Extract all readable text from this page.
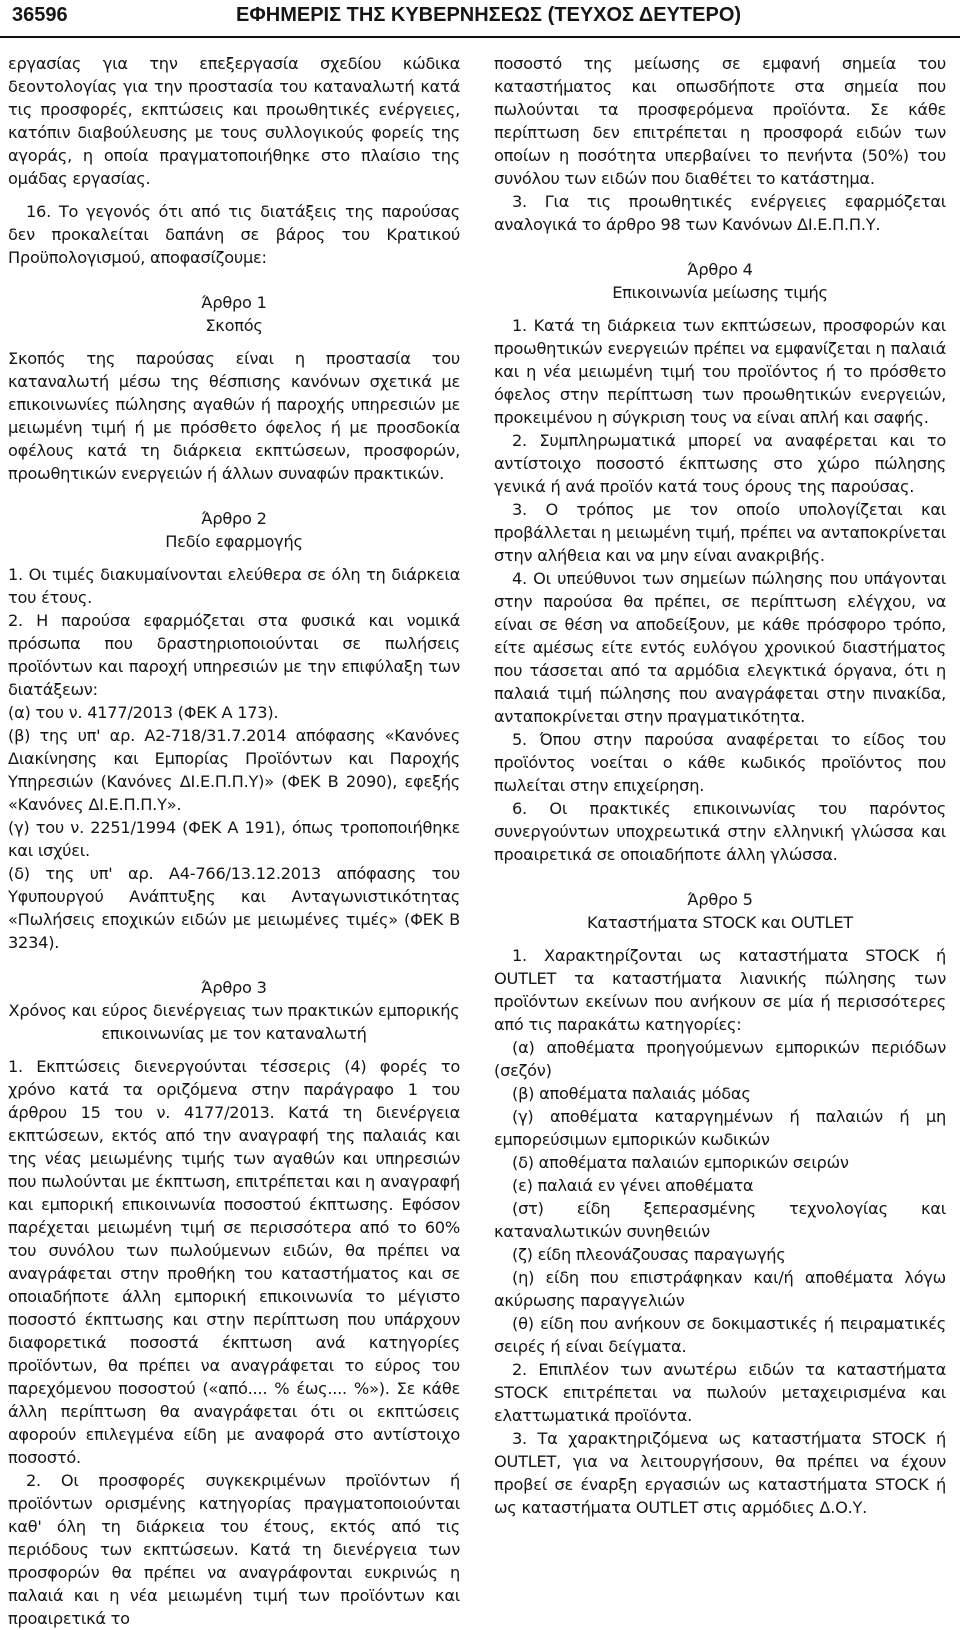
36596	ΕΦΗΜΕΡΙΣ ΤΗΣ ΚΥΒΕΡΝΗΣΕΩΣ (ΤΕΥΧΟΣ ΔΕΥΤΕΡΟ)

εργασίας για την επεξεργασία σχεδίου κώδικα δεοντολογίας για την προστασία του καταναλωτή κατά τις προσφορές, εκπτώσεις και προωθητικές ενέργειες, κατόπιν διαβούλευσης με τους συλλογικούς φορείς της αγοράς, η οποία πραγματοποιήθηκε στο πλαίσιο της ομάδας εργασίας.

16. Το γεγονός ότι από τις διατάξεις της παρούσας δεν προκαλείται δαπάνη σε βάρος του Κρατικού Προϋπολογισμού, αποφασίζουμε:

Άρθρο 1
Σκοπός

Σκοπός της παρούσας είναι η προστασία του καταναλωτή μέσω της θέσπισης κανόνων σχετικά με επικοινωνίες πώλησης αγαθών ή παροχής υπηρεσιών με μειωμένη τιμή ή με πρόσθετο όφελος ή με προσδοκία οφέλους κατά τη διάρκεια εκπτώσεων, προσφορών, προωθητικών ενεργειών ή άλλων συναφών πρακτικών.

Άρθρο 2
Πεδίο εφαρμογής

1. Οι τιμές διακυμαίνονται ελεύθερα σε όλη τη διάρκεια του έτους.

2. Η παρούσα εφαρμόζεται στα φυσικά και νομικά πρόσωπα που δραστηριοποιούνται σε πωλήσεις προϊόντων και παροχή υπηρεσιών με την επιφύλαξη των διατάξεων:

(α) του ν. 4177/2013 (ΦΕΚ Α 173).

(β) της υπ' αρ. Α2-718/31.7.2014 απόφασης «Κανόνες Διακίνησης και Εμπορίας Προϊόντων και Παροχής Υπηρεσιών (Κανόνες ΔΙ.Ε.Π.Π.Υ)» (ΦΕΚ Β 2090), εφεξής «Κανόνες ΔΙ.Ε.Π.Π.Υ».

(γ) του ν. 2251/1994 (ΦΕΚ Α 191), όπως τροποποιήθηκε και ισχύει.

(δ) της υπ' αρ. Α4-766/13.12.2013 απόφασης του Υφυπουργού Ανάπτυξης και Ανταγωνιστικότητας «Πωλήσεις εποχικών ειδών με μειωμένες τιμές» (ΦΕΚ Β 3234).

Άρθρο 3
Χρόνος και εύρος διενέργειας των πρακτικών εμπορικής επικοινωνίας με τον καταναλωτή

1. Εκπτώσεις διενεργούνται τέσσερις (4) φορές το χρόνο κατά τα οριζόμενα στην παράγραφο 1 του άρθρου 15 του ν. 4177/2013. Κατά τη διενέργεια εκπτώσεων, εκτός από την αναγραφή της παλαιάς και της νέας μειωμένης τιμής των αγαθών και υπηρεσιών που πωλούνται με έκπτωση, επιτρέπεται και η αναγραφή και εμπορική επικοινωνία ποσοστού έκπτωσης. Εφόσον παρέχεται μειωμένη τιμή σε περισσότερα από το 60% του συνόλου των πωλούμενων ειδών, θα πρέπει να αναγράφεται στην προθήκη του καταστήματος και σε οποιαδήποτε άλλη εμπορική επικοινωνία το μέγιστο ποσοστό έκπτωσης και στην περίπτωση που υπάρχουν διαφορετικά ποσοστά έκπτωση ανά κατηγορίες προϊόντων, θα πρέπει να αναγράφεται το εύρος του παρεχόμενου ποσοστού («από.... % έως.... %»). Σε κάθε άλλη περίπτωση θα αναγράφεται ότι οι εκπτώσεις αφορούν επιλεγμένα είδη με αναφορά στο αντίστοιχο ποσοστό.

2. Οι προσφορές συγκεκριμένων προϊόντων ή προϊόντων ορισμένης κατηγορίας πραγματοποιούνται καθ' όλη τη διάρκεια του έτους, εκτός από τις περιόδους των εκπτώσεων. Κατά τη διενέργεια των προσφορών θα πρέπει να αναγράφονται ευκρινώς η παλαιά και η νέα μειωμένη τιμή των προϊόντων και προαιρετικά το

ποσοστό της μείωσης σε εμφανή σημεία του καταστήματος και οπωσδήποτε στα σημεία που πωλούνται τα προσφερόμενα προϊόντα. Σε κάθε περίπτωση δεν επιτρέπεται η προσφορά ειδών των οποίων η ποσότητα υπερβαίνει το πενήντα (50%) του συνόλου των ειδών που διαθέτει το κατάστημα.

3. Για τις προωθητικές ενέργειες εφαρμόζεται αναλογικά το άρθρο 98 των Κανόνων ΔΙ.Ε.Π.Π.Υ.

Άρθρο 4
Επικοινωνία μείωσης τιμής

1. Κατά τη διάρκεια των εκπτώσεων, προσφορών και προωθητικών ενεργειών πρέπει να εμφανίζεται η παλαιά και η νέα μειωμένη τιμή του προϊόντος ή το πρόσθετο όφελος στην περίπτωση των προωθητικών ενεργειών, προκειμένου η σύγκριση τους να είναι απλή και σαφής.

2. Συμπληρωματικά μπορεί να αναφέρεται και το αντίστοιχο ποσοστό έκπτωσης στο χώρο πώλησης γενικά ή ανά προϊόν κατά τους όρους της παρούσας.

3. Ο τρόπος με τον οποίο υπολογίζεται και προβάλλεται η μειωμένη τιμή, πρέπει να ανταποκρίνεται στην αλήθεια και να μην είναι ανακριβής.

4. Οι υπεύθυνοι των σημείων πώλησης που υπάγονται στην παρούσα θα πρέπει, σε περίπτωση ελέγχου, να είναι σε θέση να αποδείξουν, με κάθε πρόσφορο τρόπο, είτε αμέσως είτε εντός ευλόγου χρονικού διαστήματος που τάσσεται από τα αρμόδια ελεγκτικά όργανα, ότι η παλαιά τιμή πώλησης που αναγράφεται στην πινακίδα, ανταποκρίνεται στην πραγματικότητα.

5. Όπου στην παρούσα αναφέρεται το είδος του προϊόντος νοείται ο κάθε κωδικός προϊόντος που πωλείται στην επιχείρηση.

6. Οι πρακτικές επικοινωνίας του παρόντος συνεργούντων υποχρεωτικά στην ελληνική γλώσσα και προαιρετικά σε οποιαδήποτε άλλη γλώσσα.

Άρθρο 5
Καταστήματα STOCK και OUTLET

1. Χαρακτηρίζονται ως καταστήματα STOCK ή OUTLET τα καταστήματα λιανικής πώλησης των προϊόντων εκείνων που ανήκουν σε μία ή περισσότερες από τις παρακάτω κατηγορίες:

(α) αποθέματα προηγούμενων εμπορικών περιόδων (σεζόν)

(β) αποθέματα παλαιάς μόδας

(γ) αποθέματα καταργημένων ή παλαιών ή μη εμπορεύσιμων εμπορικών κωδικών

(δ) αποθέματα παλαιών εμπορικών σειρών

(ε) παλαιά εν γένει αποθέματα

(στ) είδη ξεπερασμένης τεχνολογίας και καταναλωτικών συνηθειών

(ζ) είδη πλεονάζουσας παραγωγής

(η) είδη που επιστράφηκαν και/ή αποθέματα λόγω ακύρωσης παραγγελιών

(θ) είδη που ανήκουν σε δοκιμαστικές ή πειραματικές σειρές ή είναι δείγματα.

2. Επιπλέον των ανωτέρω ειδών τα καταστήματα STOCK επιτρέπεται να πωλούν μεταχειρισμένα και ελαττωματικά προϊόντα.

3. Τα χαρακτηριζόμενα ως καταστήματα STOCK ή OUTLET, για να λειτουργήσουν, θα πρέπει να έχουν προβεί σε έναρξη εργασιών ως καταστήματα STOCK ή ως καταστήματα OUTLET στις αρμόδιες Δ.Ο.Υ.
